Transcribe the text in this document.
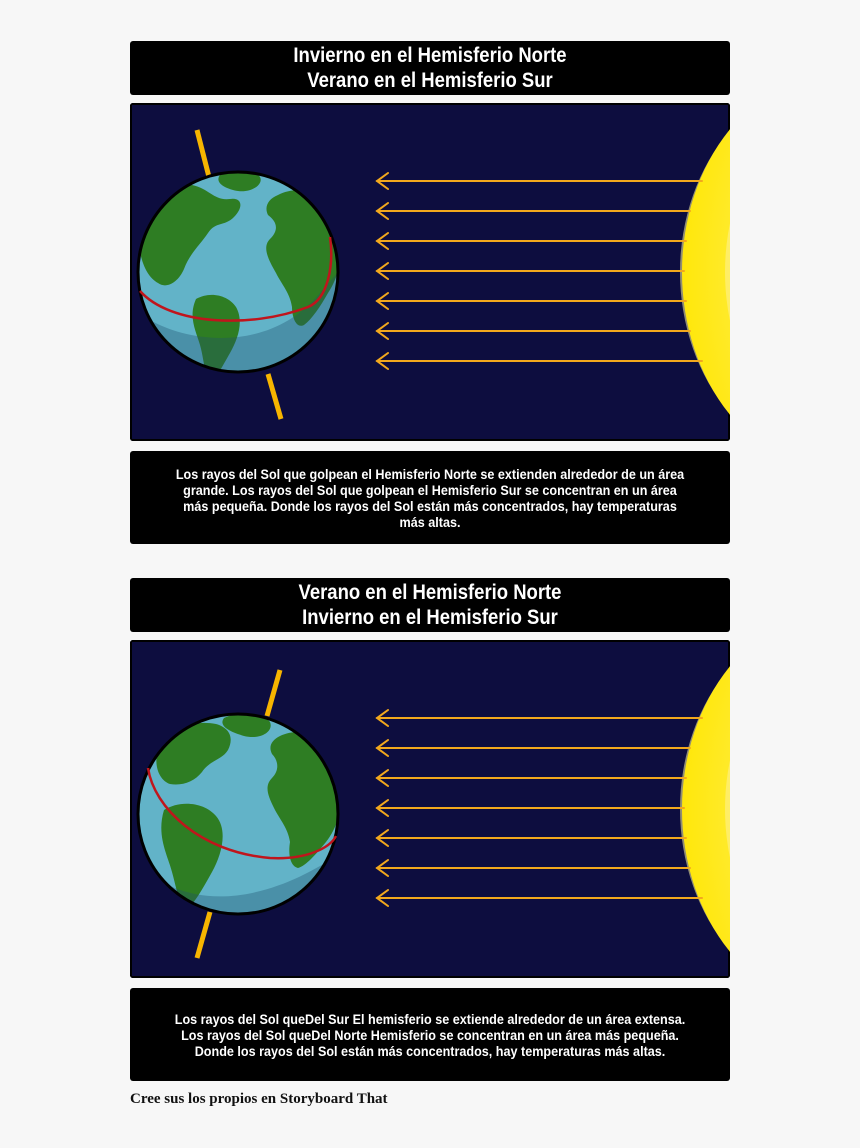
Invierno en el Hemisferio Norte
Verano en el Hemisferio Sur
Los rayos del Sol que golpean el Hemisferio Norte se extienden alrededor de un área grande. Los rayos del Sol que golpean el Hemisferio Sur se concentran en un área más pequeña. Donde los rayos del Sol están más concentrados, hay temperaturas más altas.
Verano en el Hemisferio Norte
Invierno en el Hemisferio Sur
Los rayos del Sol queDel Sur El hemisferio se extiende alrededor de un área extensa. Los rayos del Sol queDel Norte Hemisferio se concentran en un área más pequeña. Donde los rayos del Sol están más concentrados, hay temperaturas más altas.
Cree sus los propios en Storyboard That
